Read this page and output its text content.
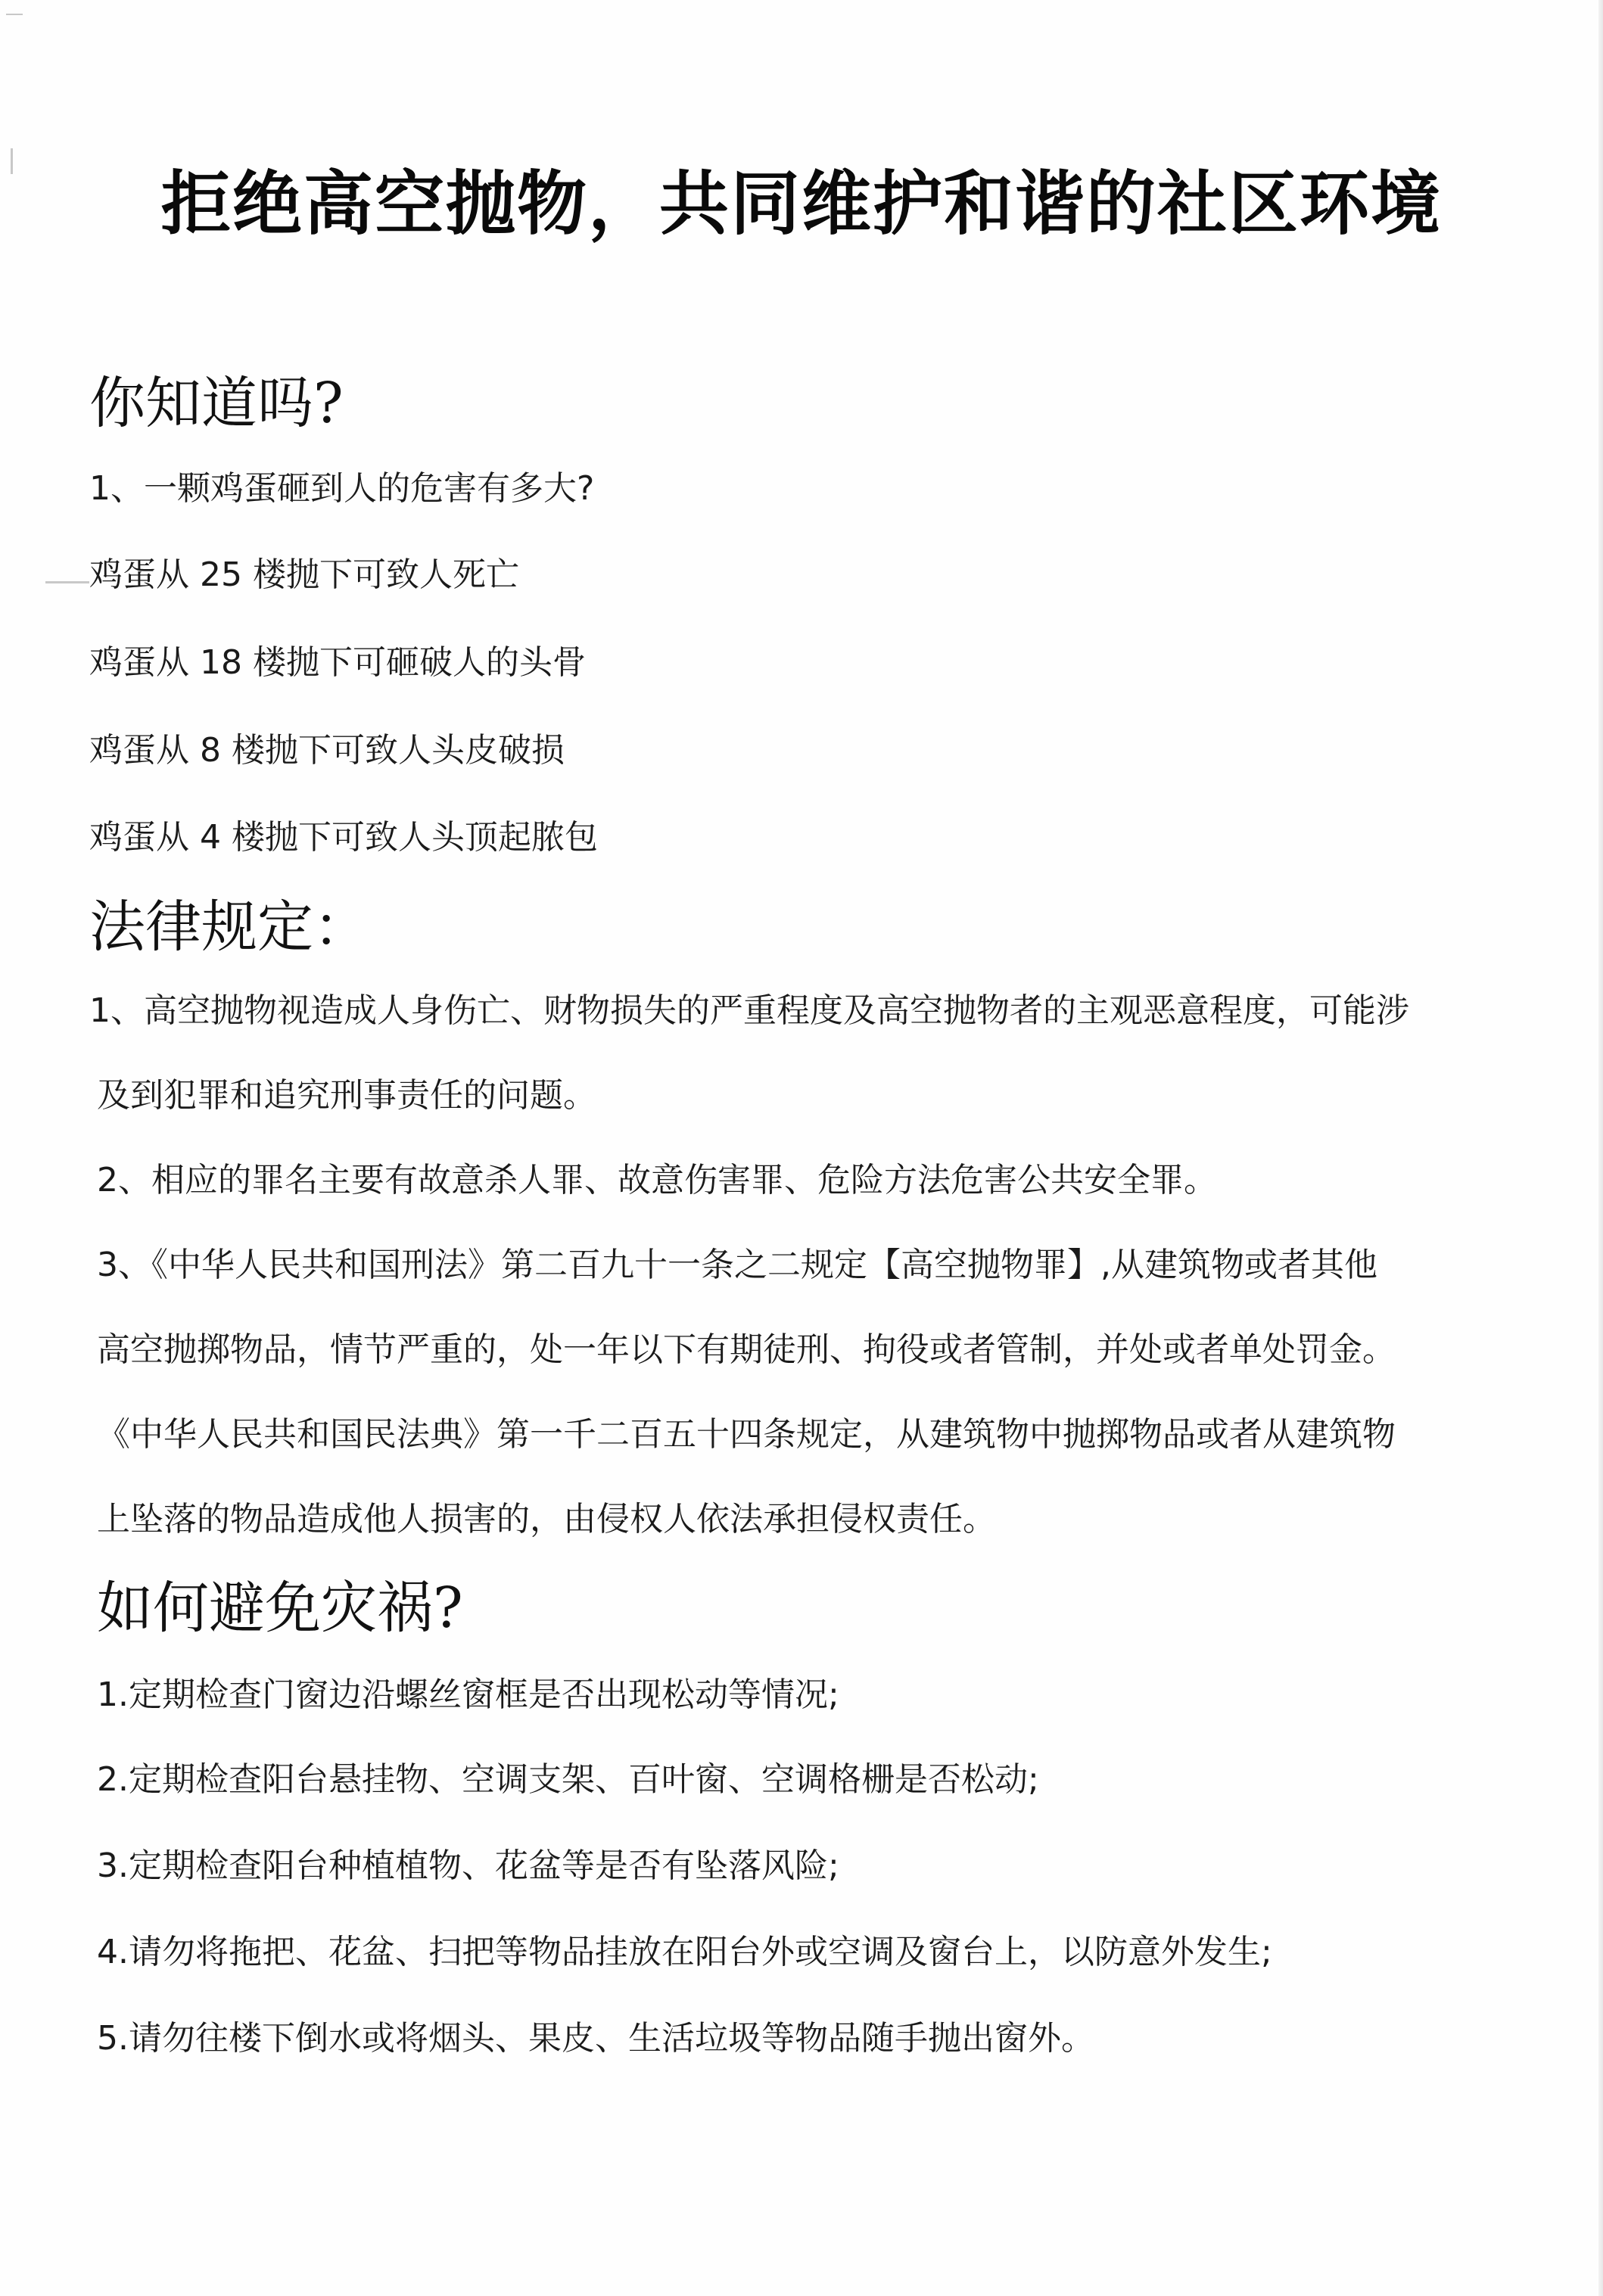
拒绝高空抛物，共同维护和谐的社区环境
你知道吗?

1、一颗鸡蛋砸到人的危害有多大?

鸡蛋从 25 楼抛下可致人死亡

鸡蛋从 18 楼抛下可砸破人的头骨

鸡蛋从 8 楼抛下可致人头皮破损

鸡蛋从 4 楼抛下可致人头顶起脓包

法律规定：

1、高空抛物视造成人身伤亡、财物损失的严重程度及高空抛物者的主观恶意程度，可能涉

及到犯罪和追究刑事责任的问题。

2、相应的罪名主要有故意杀人罪、故意伤害罪、危险方法危害公共安全罪。

3、《中华人民共和国刑法》第二百九十一条之二规定【高空抛物罪】,从建筑物或者其他

高空抛掷物品，情节严重的，处一年以下有期徒刑、拘役或者管制，并处或者单处罚金。

《中华人民共和国民法典》第一千二百五十四条规定，从建筑物中抛掷物品或者从建筑物

上坠落的物品造成他人损害的，由侵权人依法承担侵权责任。

如何避免灾祸?

1.定期检查门窗边沿螺丝窗框是否出现松动等情况;

2.定期检查阳台悬挂物、空调支架、百叶窗、空调格栅是否松动;

3.定期检查阳台种植植物、花盆等是否有坠落风险;

4.请勿将拖把、花盆、扫把等物品挂放在阳台外或空调及窗台上，以防意外发生;

5.请勿往楼下倒水或将烟头、果皮、生活垃圾等物品随手抛出窗外。
